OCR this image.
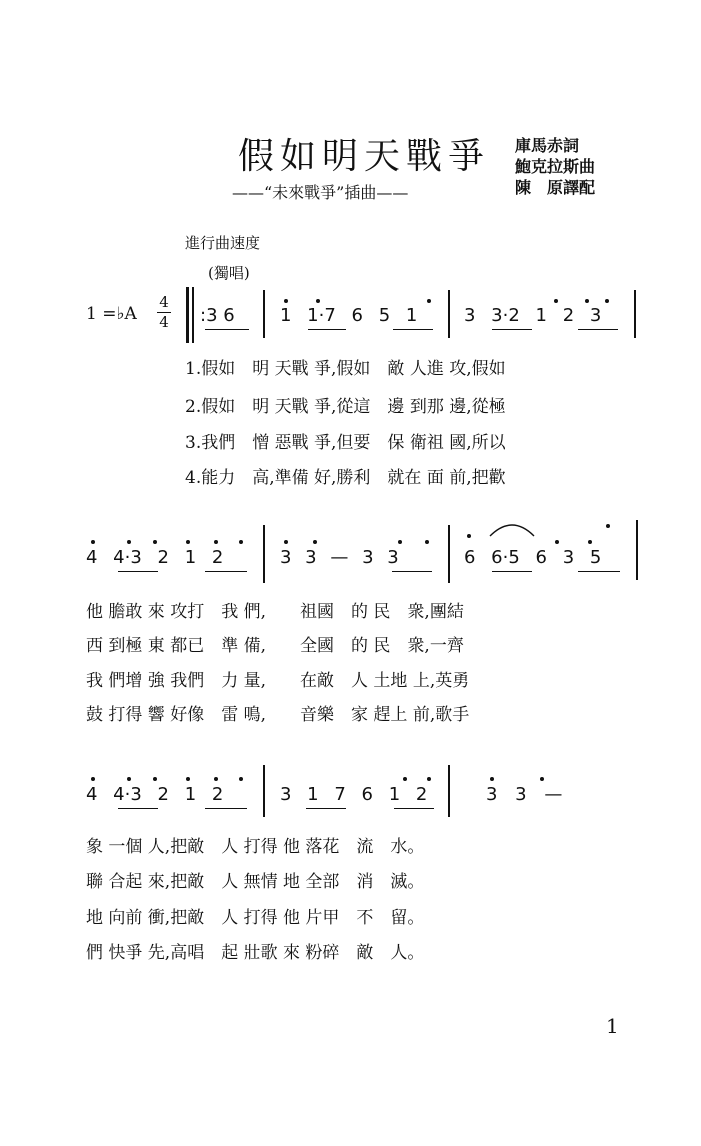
假如明天戰爭
——“未來戰爭”插曲——
庫馬赤詞
鮑克拉斯曲
陳　原譯配
進行曲速度
(獨唱)
1 =♭A
4
4 :3 6	1 1·7 6 5 1	3 3·2 1 2 3
1.假如　明 天戰 爭,假如　敵 人進 攻,假如
2.假如　明 天戰 爭,從這　邊 到那 邊,從極
3.我們　憎 惡戰 爭,但要　保 衛祖 國,所以
4.能力　高,準備 好,勝利　就在 面 前,把歡
4 4·3 2 1 2	3 3 — 3 3	6 6·5 6 3 5
他 膽敢 來 攻打　我 們,　　祖國　的 民　衆,團結
西 到極 東 都已　準 備,　　全國　的 民　衆,一齊
我 們增 強 我們　力 量,　　在敵　人 土地 上,英勇
鼓 打得 響 好像　雷 鳴,　　音樂　家 趕上 前,歌手
4 4·3 2 1 2	3 1 7 6 1 2	3 3 —
象 一個 人,把敵　人 打得 他 落花　流　水。
聯 合起 來,把敵　人 無情 地 全部　消　滅。
地 向前 衝,把敵　人 打得 他 片甲　不　留。
們 快爭 先,高唱　起 壯歌 來 粉碎　敵　人。
1
